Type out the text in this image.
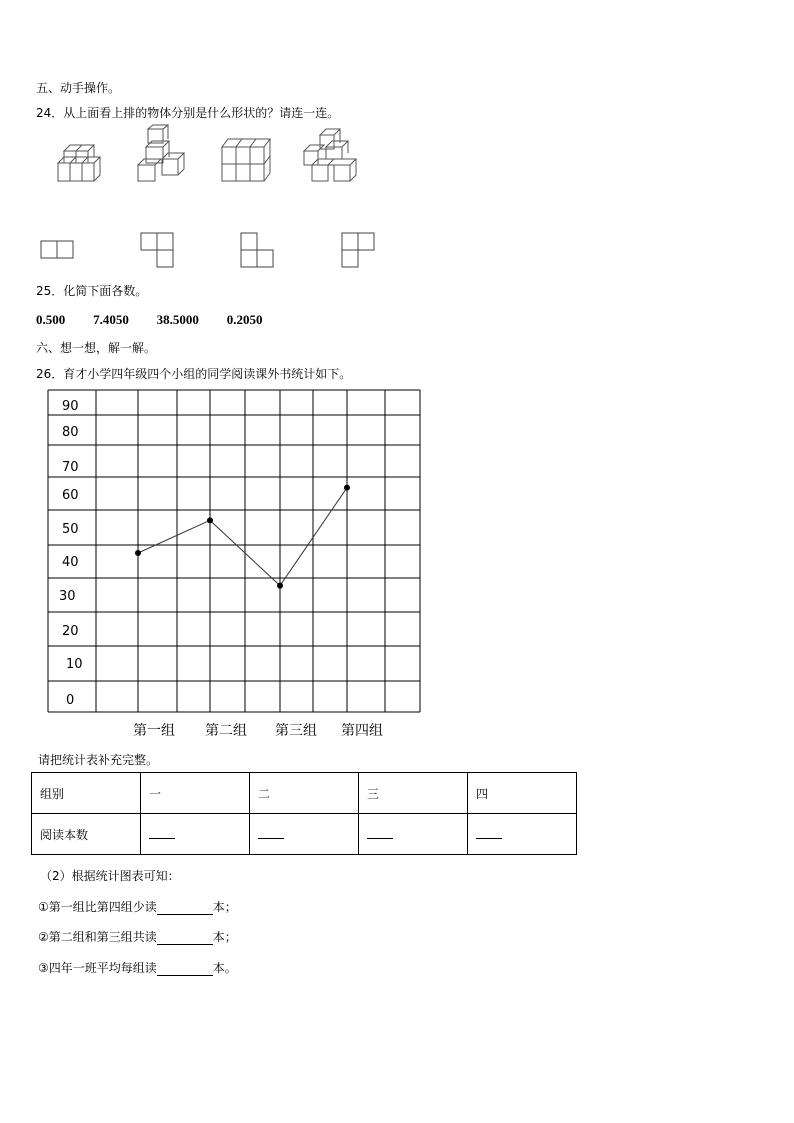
五、动手操作。
24．从上面看上排的物体分别是什么形状的？请连一连。
25．化简下面各数。
0.500 7.4050 38.5000 0.2050
六、想一想，解一解。
26．育才小学四年级四个小组的同学阅读课外书统计如下。
90
80
70
60
50
40
30
20
10
0
第一组 第二组 第三组 第四组
请把统计表补充完整。
组别	一	二	三	四
阅读本数				
（2）根据统计图表可知：
①第一组比第四组少读	本；
②第二组和第三组共读	本；
③四年一班平均每组读	本。
